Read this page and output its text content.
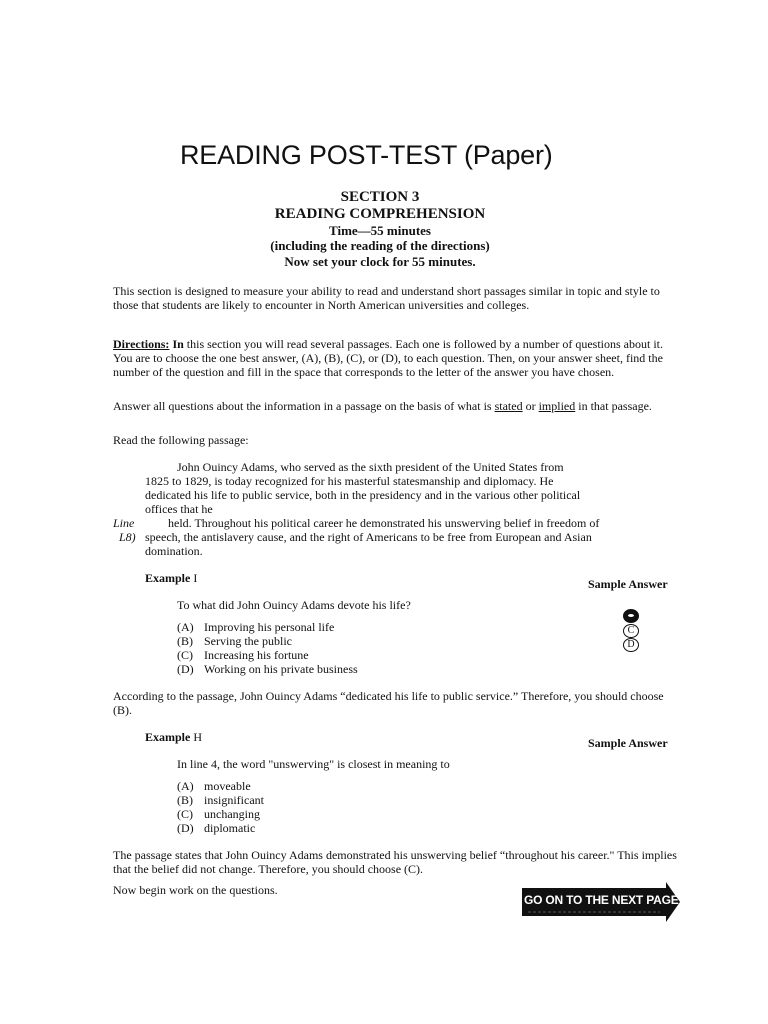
READING POST-TEST (Paper)
SECTION 3
READING COMPREHENSION
Time—55 minutes
(including the reading of the directions)
Now set your clock for 55 minutes.

This section is designed to measure your ability to read and understand short passages similar in topic and style to those that students are likely to encounter in North American universities and colleges.

Directions: In this section you will read several passages. Each one is followed by a number of questions about it. You are to choose the one best answer, (A), (B), (C), or (D), to each question. Then, on your answer sheet, find the number of the question and fill in the space that corresponds to the letter of the answer you have chosen.

Answer all questions about the information in a passage on the basis of what is stated or implied in that passage.

Read the following passage:

John Ouincy Adams, who served as the sixth president of the United States from
1825 to 1829, is today recognized for his masterful statesmanship and diplomacy. He
dedicated his life to public service, both in the presidency and in the various other political
offices that he
Line	held. Throughout his political career he demonstrated his unswerving belief in freedom of
L8) speech, the antislavery cause, and the right of Americans to be free from European and Asian
domination.
Example I	Sample Answer
To what did John Ouincy Adams devote his life?
(A) Improving his personal life
(B) Serving the public
(C) Increasing his fortune
(D) Working on his private business
C
D

According to the passage, John Ouincy Adams “dedicated his life to public service.” Therefore, you should choose (B).

Example H	Sample Answer
In line 4, the word "unswerving" is closest in meaning to
(A) moveable
(B) insignificant
(C) unchanging
(D) diplomatic

The passage states that John Ouincy Adams demonstrated his unswerving belief “throughout his career." This implies that the belief did not change. Therefore, you should choose (C).

Now begin work on the questions.

GO ON TO THE NEXT PAGE
